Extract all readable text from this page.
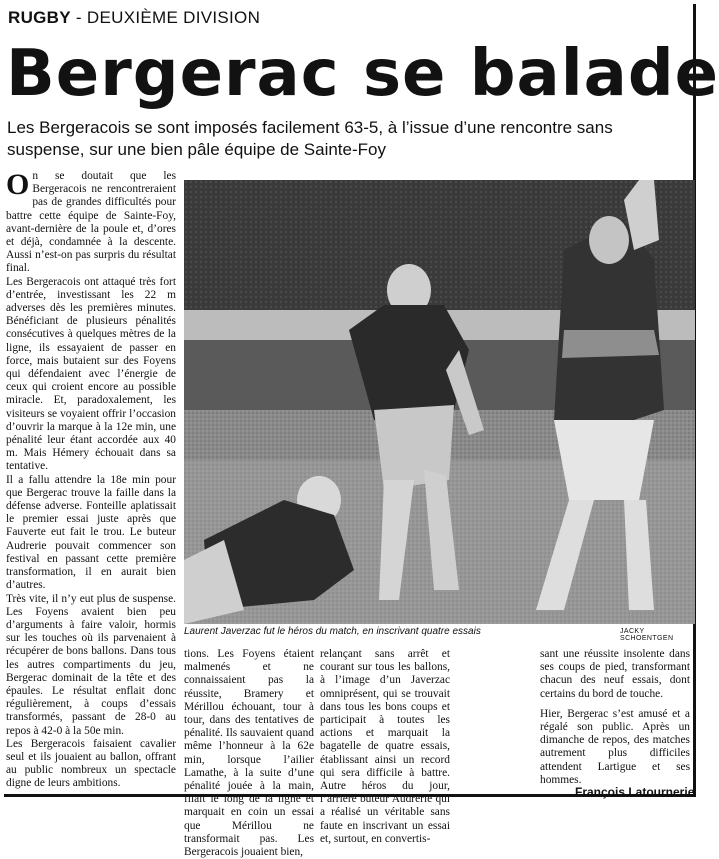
RUGBY - DEUXIÈME DIVISION
Bergerac se balade
Les Bergeracois se sont imposés facilement 63-5, à l’issue d’une rencontre sans suspense, sur une bien pâle équipe de Sainte-Foy

On se doutait que les Bergeracois ne rencontreraient pas de grandes difficultés pour battre cette équipe de Sainte-Foy, avant-dernière de la poule et, d’ores et déjà, condamnée à la descente. Aussi n’est-on pas surpris du résultat final.

Les Bergeracois ont attaqué très fort d’entrée, investissant les 22 m adverses dès les premières minutes. Bénéficiant de plusieurs pénalités consécutives à quelques mètres de la ligne, ils essayaient de passer en force, mais butaient sur des Foyens qui défendaient avec l’énergie de ceux qui croient encore au possible miracle. Et, paradoxalement, les visiteurs se voyaient offrir l’occasion d’ouvrir la marque à la 12e min, une pénalité leur étant accordée aux 40 m. Mais Hémery échouait dans sa tentative.

Il a fallu attendre la 18e min pour que Bergerac trouve la faille dans la défense adverse. Fonteille aplatissait le premier essai juste après que Fauverte eut fait le trou. Le buteur Audrerie pouvait commencer son festival en passant cette première transformation, il en aurait bien d’autres.

Très vite, il n’y eut plus de suspense. Les Foyens avaient bien peu d’arguments à faire valoir, hormis sur les touches où ils parvenaient à récupérer de bons ballons. Dans tous les autres compartiments du jeu, Bergerac dominait de la tête et des épaules. Le résultat enflait donc régulièrement, à coups d’essais transformés, passant de 28-0 au repos à 42-0 à la 50e min.

Les Bergeracois faisaient cavalier seul et ils jouaient au ballon, offrant au public nombreux un spectacle digne de leurs ambitions.

Laurent Javerzac fut le héros du match, en inscrivant quatre essais	JACKY SCHOENTGEN

tions. Les Foyens étaient malmenés et ne connaissaient pas la réussite, Bramery et Mérillou échouant, tour à tour, dans des tentatives de pénalité. Ils sauvaient quand même l’honneur à la 62e min, lorsque l’ailier Lamathe, à la suite d’une pénalité jouée à la main, filait le long de la ligne et marquait en coin un essai que Mérillou ne transformait pas. Les Bergeracois jouaient bien,

relançant sans arrêt et courant sur tous les ballons, à l’image d’un Javerzac omniprésent, qui se trouvait dans tous les bons coups et participait à toutes les actions et marquait la bagatelle de quatre essais, établissant ainsi un record qui sera difficile à battre. Autre héros du jour, l’arrière buteur Audrerie qui a réalisé un véritable sans faute en inscrivant un essai et, surtout, en convertis-

sant une réussite insolente dans ses coups de pied, transformant chacun des neuf essais, dont certains du bord de touche.

Hier, Bergerac s’est amusé et a régalé son public. Après un dimanche de repos, des matches autrement plus difficiles attendent Lartigue et ses hommes.

François Latournerie
